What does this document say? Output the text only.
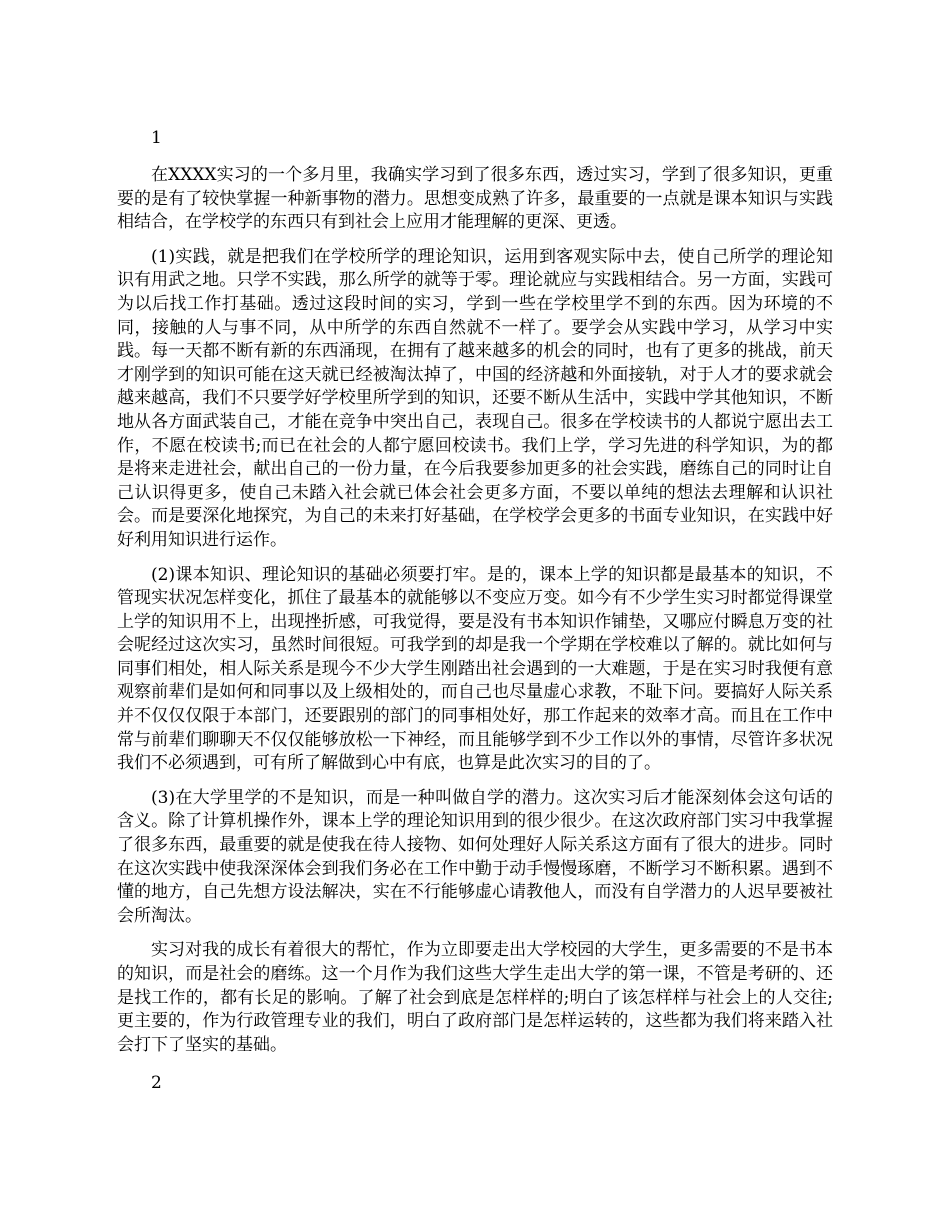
1

在XXXX实习的一个多月里，我确实学习到了很多东西，透过实习，学到了很多知识，更重要的是有了较快掌握一种新事物的潜力。思想变成熟了许多，最重要的一点就是课本知识与实践相结合，在学校学的东西只有到社会上应用才能理解的更深、更透。

(1)实践，就是把我们在学校所学的理论知识，运用到客观实际中去，使自己所学的理论知识有用武之地。只学不实践，那么所学的就等于零。理论就应与实践相结合。另一方面，实践可为以后找工作打基础。透过这段时间的实习，学到一些在学校里学不到的东西。因为环境的不同，接触的人与事不同，从中所学的东西自然就不一样了。要学会从实践中学习，从学习中实践。每一天都不断有新的东西涌现，在拥有了越来越多的机会的同时，也有了更多的挑战，前天才刚学到的知识可能在这天就已经被淘汰掉了，中国的经济越和外面接轨，对于人才的要求就会越来越高，我们不只要学好学校里所学到的知识，还要不断从生活中，实践中学其他知识，不断地从各方面武装自己，才能在竞争中突出自己，表现自己。很多在学校读书的人都说宁愿出去工作，不愿在校读书;而已在社会的人都宁愿回校读书。我们上学，学习先进的科学知识，为的都是将来走进社会，献出自己的一份力量，在今后我要参加更多的社会实践，磨练自己的同时让自己认识得更多，使自己未踏入社会就已体会社会更多方面，不要以单纯的想法去理解和认识社会。而是要深化地探究，为自己的未来打好基础，在学校学会更多的书面专业知识，在实践中好好利用知识进行运作。

(2)课本知识、理论知识的基础必须要打牢。是的，课本上学的知识都是最基本的知识，不管现实状况怎样变化，抓住了最基本的就能够以不变应万变。如今有不少学生实习时都觉得课堂上学的知识用不上，出现挫折感，可我觉得，要是没有书本知识作铺垫，又哪应付瞬息万变的社会呢经过这次实习，虽然时间很短。可我学到的却是我一个学期在学校难以了解的。就比如何与同事们相处，相人际关系是现今不少大学生刚踏出社会遇到的一大难题，于是在实习时我便有意观察前辈们是如何和同事以及上级相处的，而自己也尽量虚心求教，不耻下问。要搞好人际关系并不仅仅仅限于本部门，还要跟别的部门的同事相处好，那工作起来的效率才高。而且在工作中常与前辈们聊聊天不仅仅能够放松一下神经，而且能够学到不少工作以外的事情，尽管许多状况我们不必须遇到，可有所了解做到心中有底，也算是此次实习的目的了。

(3)在大学里学的不是知识，而是一种叫做自学的潜力。这次实习后才能深刻体会这句话的含义。除了计算机操作外，课本上学的理论知识用到的很少很少。在这次政府部门实习中我掌握了很多东西，最重要的就是使我在待人接物、如何处理好人际关系这方面有了很大的进步。同时在这次实践中使我深深体会到我们务必在工作中勤于动手慢慢琢磨，不断学习不断积累。遇到不懂的地方，自己先想方设法解决，实在不行能够虚心请教他人，而没有自学潜力的人迟早要被社会所淘汰。

实习对我的成长有着很大的帮忙，作为立即要走出大学校园的大学生，更多需要的不是书本的知识，而是社会的磨练。这一个月作为我们这些大学生走出大学的第一课，不管是考研的、还是找工作的，都有长足的影响。了解了社会到底是怎样样的;明白了该怎样样与社会上的人交往;更主要的，作为行政管理专业的我们，明白了政府部门是怎样运转的，这些都为我们将来踏入社会打下了坚实的基础。

2
